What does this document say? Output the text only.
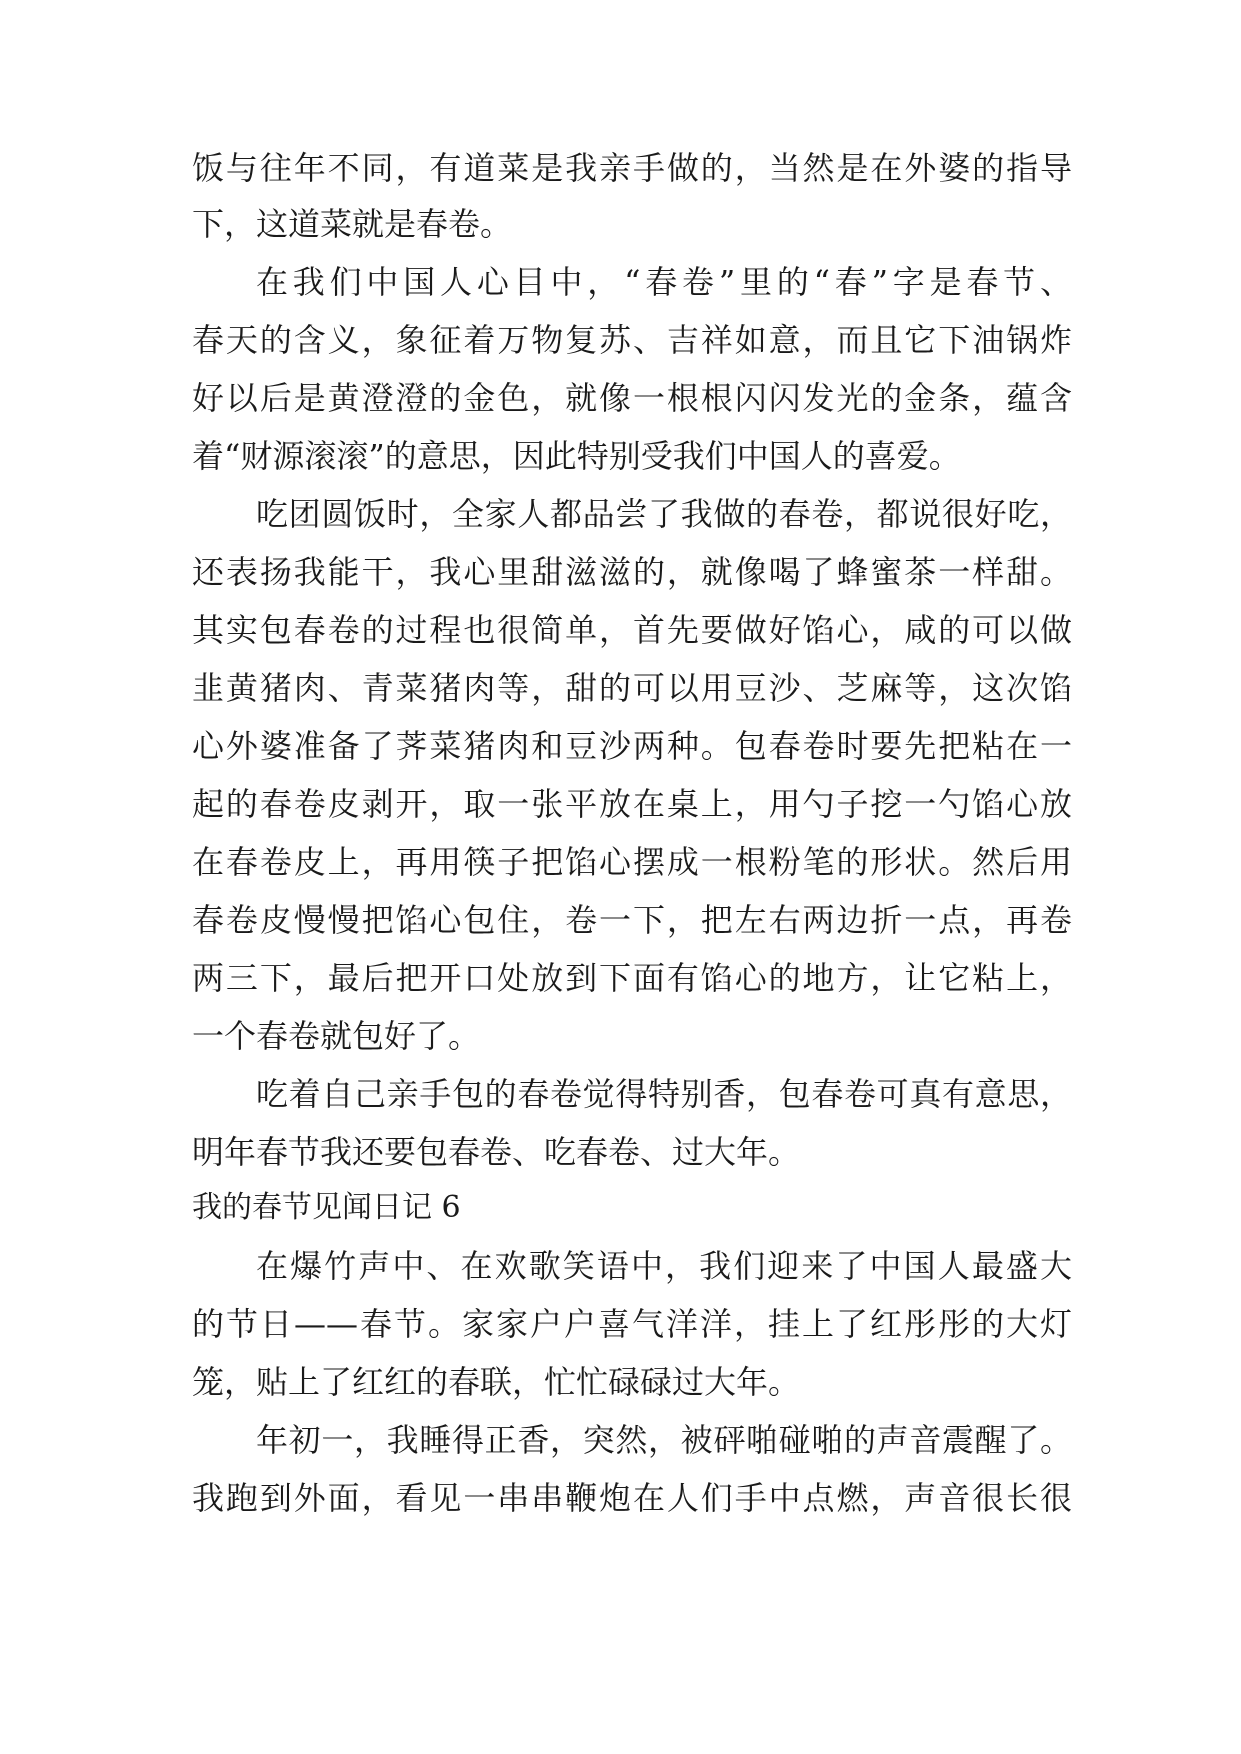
饭与往年不同，有道菜是我亲手做的，当然是在外婆的指导
下，这道菜就是春卷。
在我们中国人心目中，“春卷”里的“春”字是春节、
春天的含义，象征着万物复苏、吉祥如意，而且它下油锅炸
好以后是黄澄澄的金色，就像一根根闪闪发光的金条，蕴含
着“财源滚滚”的意思，因此特别受我们中国人的喜爱。
吃团圆饭时，全家人都品尝了我做的春卷，都说很好吃，
还表扬我能干，我心里甜滋滋的，就像喝了蜂蜜茶一样甜。
其实包春卷的过程也很简单，首先要做好馅心，咸的可以做
韭黄猪肉、青菜猪肉等，甜的可以用豆沙、芝麻等，这次馅
心外婆准备了荠菜猪肉和豆沙两种。包春卷时要先把粘在一
起的春卷皮剥开，取一张平放在桌上，用勺子挖一勺馅心放
在春卷皮上，再用筷子把馅心摆成一根粉笔的形状。然后用
春卷皮慢慢把馅心包住，卷一下，把左右两边折一点，再卷
两三下，最后把开口处放到下面有馅心的地方，让它粘上，
一个春卷就包好了。
吃着自己亲手包的春卷觉得特别香，包春卷可真有意思，
明年春节我还要包春卷、吃春卷、过大年。
我的春节见闻日记 6
在爆竹声中、在欢歌笑语中，我们迎来了中国人最盛大
的节日——春节。家家户户喜气洋洋，挂上了红彤彤的大灯
笼，贴上了红红的春联，忙忙碌碌过大年。
年初一，我睡得正香，突然，被砰啪碰啪的声音震醒了。
我跑到外面，看见一串串鞭炮在人们手中点燃，声音很长很
